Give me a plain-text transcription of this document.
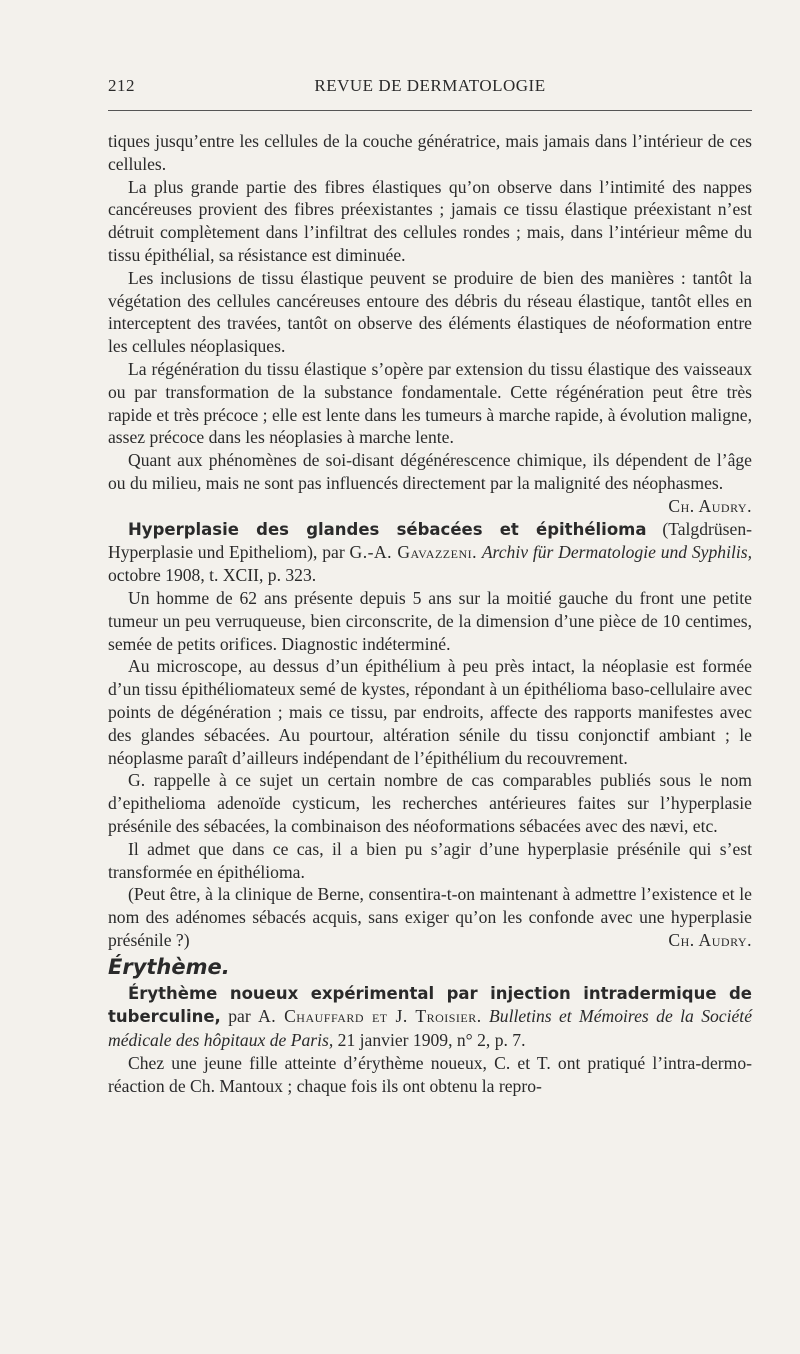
212	REVUE DE DERMATOLOGIE

tiques jusqu’entre les cellules de la couche génératrice, mais jamais dans l’intérieur de ces cellules.

La plus grande partie des fibres élastiques qu’on observe dans l’intimité des nappes cancéreuses provient des fibres préexistantes ; jamais ce tissu élastique préexistant n’est détruit complètement dans l’infiltrat des cellules rondes ; mais, dans l’intérieur même du tissu épithélial, sa résistance est diminuée.

Les inclusions de tissu élastique peuvent se produire de bien des manières : tantôt la végétation des cellules cancéreuses entoure des débris du réseau élastique, tantôt elles en interceptent des travées, tantôt on observe des éléments élastiques de néoformation entre les cellules néoplasiques.

La régénération du tissu élastique s’opère par extension du tissu élastique des vaisseaux ou par transformation de la substance fondamentale. Cette régénération peut être très rapide et très précoce ; elle est lente dans les tumeurs à marche rapide, à évolution maligne, assez précoce dans les néoplasies à marche lente.

Quant aux phénomènes de soi-disant dégénérescence chimique, ils dépendent de l’âge ou du milieu, mais ne sont pas influencés directement par la malignité des néophasmes.
Ch. Audry.

Hyperplasie des glandes sébacées et épithélioma (Talgdrüsen-Hyperplasie und Epitheliom), par G.-A. Gavazzeni. Archiv für Dermatologie und Syphilis, octobre 1908, t. XCII, p. 323.

Un homme de 62 ans présente depuis 5 ans sur la moitié gauche du front une petite tumeur un peu verruqueuse, bien circonscrite, de la dimension d’une pièce de 10 centimes, semée de petits orifices. Diagnostic indéterminé.

Au microscope, au dessus d’un épithélium à peu près intact, la néoplasie est formée d’un tissu épithéliomateux semé de kystes, répondant à un épithélioma baso-cellulaire avec points de dégénération ; mais ce tissu, par endroits, affecte des rapports manifestes avec des glandes sébacées. Au pourtour, altération sénile du tissu conjonctif ambiant ; le néoplasme paraît d’ailleurs indépendant de l’épithélium du recouvrement.

G. rappelle à ce sujet un certain nombre de cas comparables publiés sous le nom d’epithelioma adenoïde cysticum, les recherches antérieures faites sur l’hyperplasie présénile des sébacées, la combinaison des néoformations sébacées avec des nævi, etc.

Il admet que dans ce cas, il a bien pu s’agir d’une hyperplasie présénile qui s’est transformée en épithélioma.

(Peut être, à la clinique de Berne, consentira-t-on maintenant à admettre l’existence et le nom des adénomes sébacés acquis, sans exiger qu’on les confonde avec une hyperplasie présénile ?)	Ch. Audry.

Érythème.

Érythème noueux expérimental par injection intradermique de tuberculine, par A. Chauffard et J. Troisier. Bulletins et Mémoires de la Société médicale des hôpitaux de Paris, 21 janvier 1909, n° 2, p. 7.

Chez une jeune fille atteinte d’érythème noueux, C. et T. ont pratiqué l’intra-dermo-réaction de Ch. Mantoux ; chaque fois ils ont obtenu la repro-
